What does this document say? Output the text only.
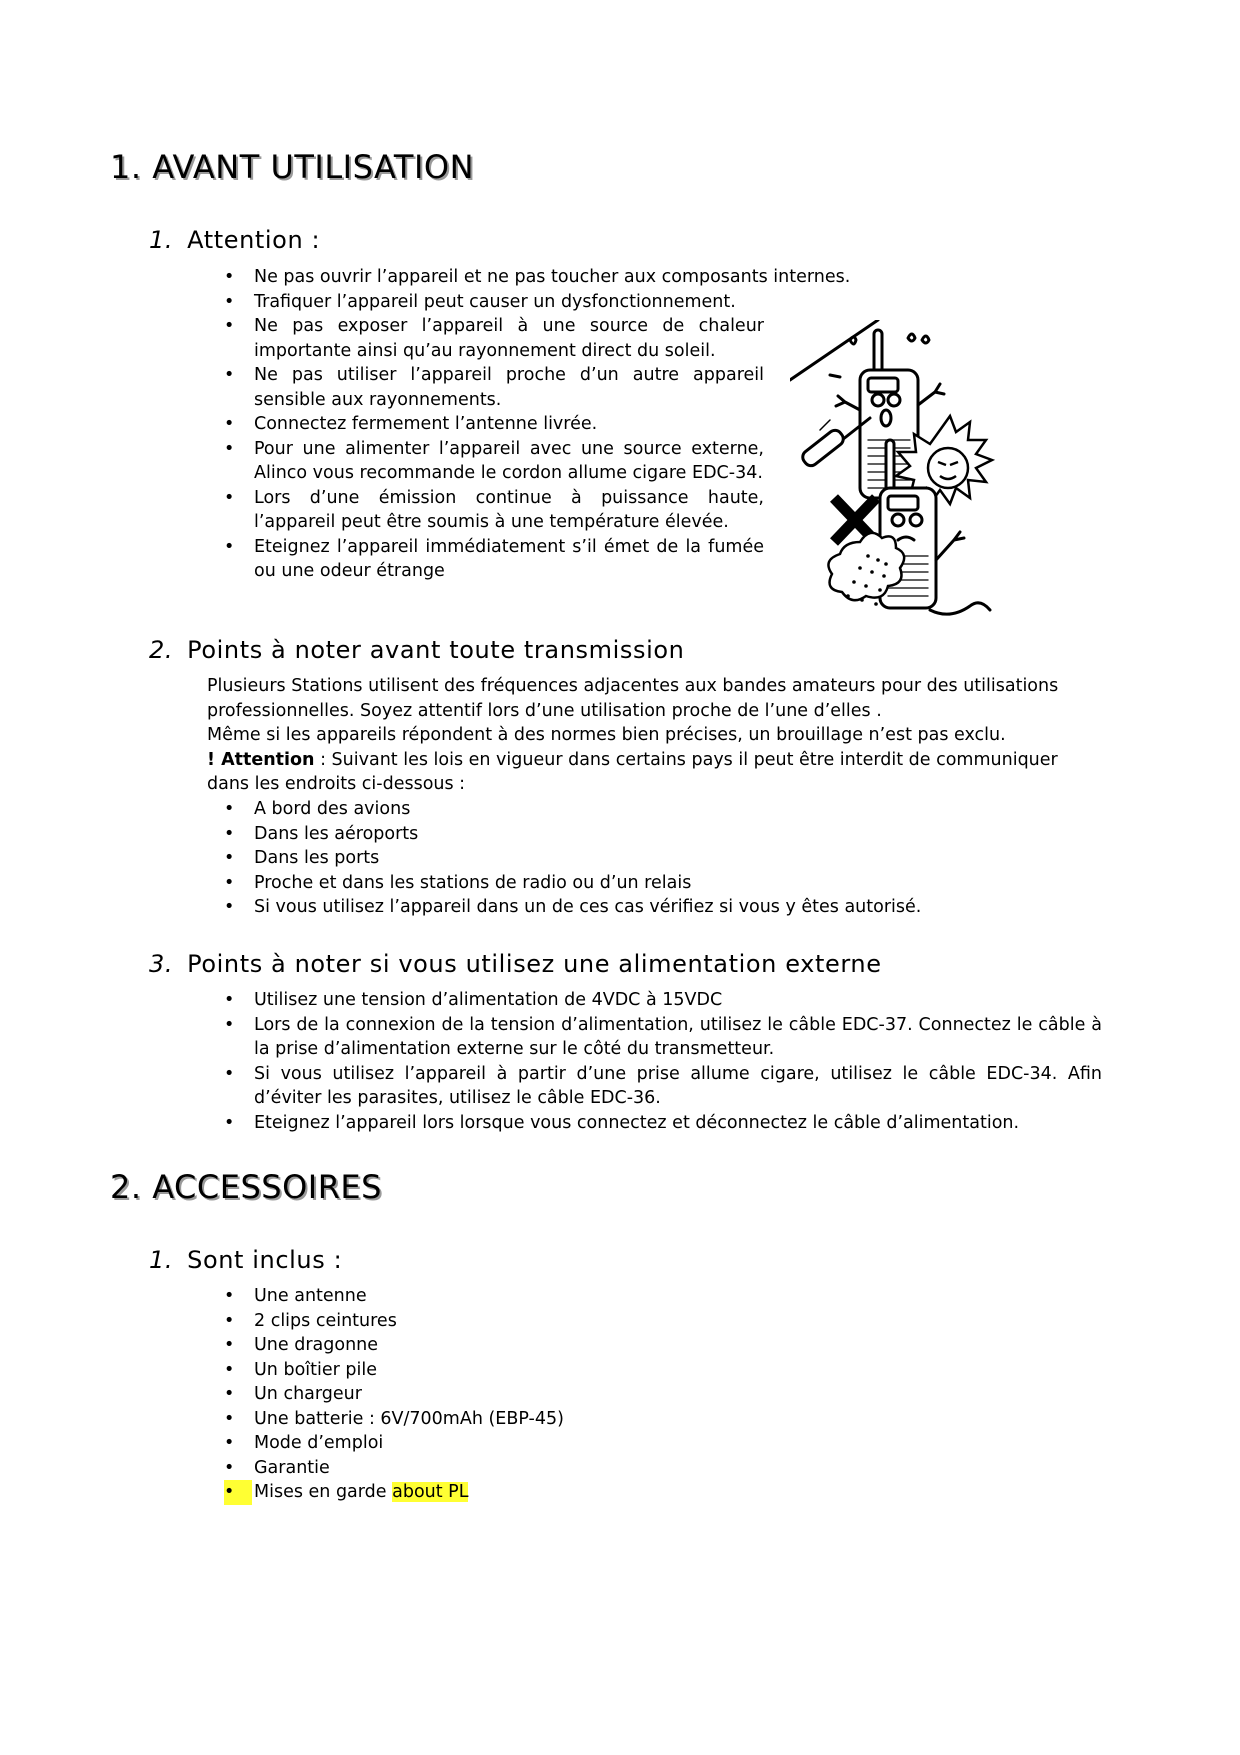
1. AVANT UTILISATION
1. Attention :
• Ne pas ouvrir l’appareil et ne pas toucher aux composants internes.
• Trafiquer l’appareil peut causer un dysfonctionnement.
• Ne pas exposer l’appareil à une source de chaleur importante ainsi qu’au rayonnement direct du soleil.
• Ne pas utiliser l’appareil proche d’un autre appareil sensible aux rayonnements.
• Connectez fermement l’antenne livrée.
• Pour une alimenter l’appareil avec une source externe, Alinco vous recommande le cordon allume cigare EDC-34.
• Lors d’une émission continue à puissance haute, l’appareil peut être soumis à une température élevée.
• Eteignez l’appareil immédiatement s’il émet de la fumée ou une odeur étrange
2. Points à noter avant toute transmission

Plusieurs Stations utilisent des fréquences adjacentes aux bandes amateurs pour des utilisations professionnelles. Soyez attentif lors d’une utilisation proche de l’une d’elles .

Même si les appareils répondent à des normes bien précises, un brouillage n’est pas exclu.

! Attention : Suivant les lois en vigueur dans certains pays il peut être interdit de communiquer dans les endroits ci-dessous :

• A bord des avions
• Dans les aéroports
• Dans les ports
• Proche et dans les stations de radio ou d’un relais
• Si vous utilisez l’appareil dans un de ces cas vérifiez si vous y êtes autorisé.
3. Points à noter si vous utilisez une alimentation externe
• Utilisez une tension d’alimentation de 4VDC à 15VDC
• Lors de la connexion de la tension d’alimentation, utilisez le câble EDC-37. Connectez le câble à la prise d’alimentation externe sur le côté du transmetteur.
• Si vous utilisez l’appareil à partir d’une prise allume cigare, utilisez le câble EDC-34. Afin d’éviter les parasites, utilisez le câble EDC-36.
• Eteignez l’appareil lors lorsque vous connectez et déconnectez le câble d’alimentation.
2. ACCESSOIRES
1. Sont inclus :
• Une antenne
• 2 clips ceintures
• Une dragonne
• Un boîtier pile
• Un chargeur
• Une batterie : 6V/700mAh (EBP-45)
• Mode d’emploi
• Garantie
• Mises en garde about PL
